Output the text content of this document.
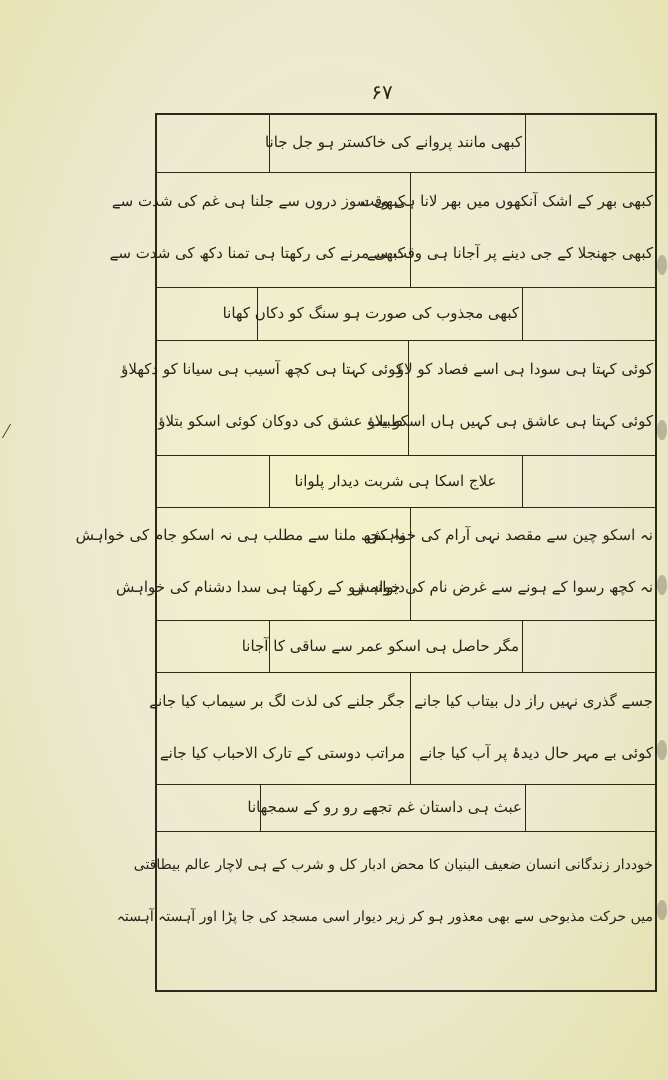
۶۷
کبھی مانند پروانے کی خاکستر ہو جل جانا
کبھی بھر کے اشک آنکھوں میں بھر لانا ہی وقت
کبھی جھنجلا کے جی دینے پر آجانا ہی وقت سے
کبھی سوز دروں سے جلنا ہی غم کی شدت سے
کبھی مرنے کی رکھتا ہی تمنا دکھ کی شدت سے
کبھی مجذوب کی صورت ہو سنگ کو دکاں کھانا
کوئی کہتا ہی سودا ہی اسے فصاد کو لاؤ
کوئی کہتا ہی عاشق ہی کہیں ہاں اسکو بلاؤ
کوئی کہتا ہی کچھ آسیب ہی سیانا کو دکھلاؤ
طبیب عشق کی دوکان کوئی اسکو بتلاؤ
علاج اسکا ہی شربت دیدار پلوانا
نہ اسکو چین سے مقصد نہی آرام کی خواہش
نہ کچھ رسوا کے ہونے سے غرض نام کی خواہش
نہ کچھ ملنا سے مطلب ہی نہ اسکو جام کی خواہش
دیوانہ ہو کے رکھتا ہی سدا دشنام کی خواہش
مگر حاصل ہی اسکو عمر سے ساقی کا آجانا
جسے گذری نہیں راز دل بیتاب کیا جانے
کوئی بے مہر حال دیدۂ پر آب کیا جانے
جگر جلنے کی لذت لگ بر سیماب کیا جانے
مراتب دوستی کے تارک الاحباب کیا جانے
عبث ہی داستان غم تجھے رو رو کے سمجھانا
خوددار زندگانی انسان ضعیف البنیان کا محض ادبار کل و شرب کے ہی لاچار عالم بیطاقتی
میں حرکت مذبوحی سے بھی معذور ہو کر زیر دیوار اسی مسجد کی جا پڑا اور آہستہ آہستہ
